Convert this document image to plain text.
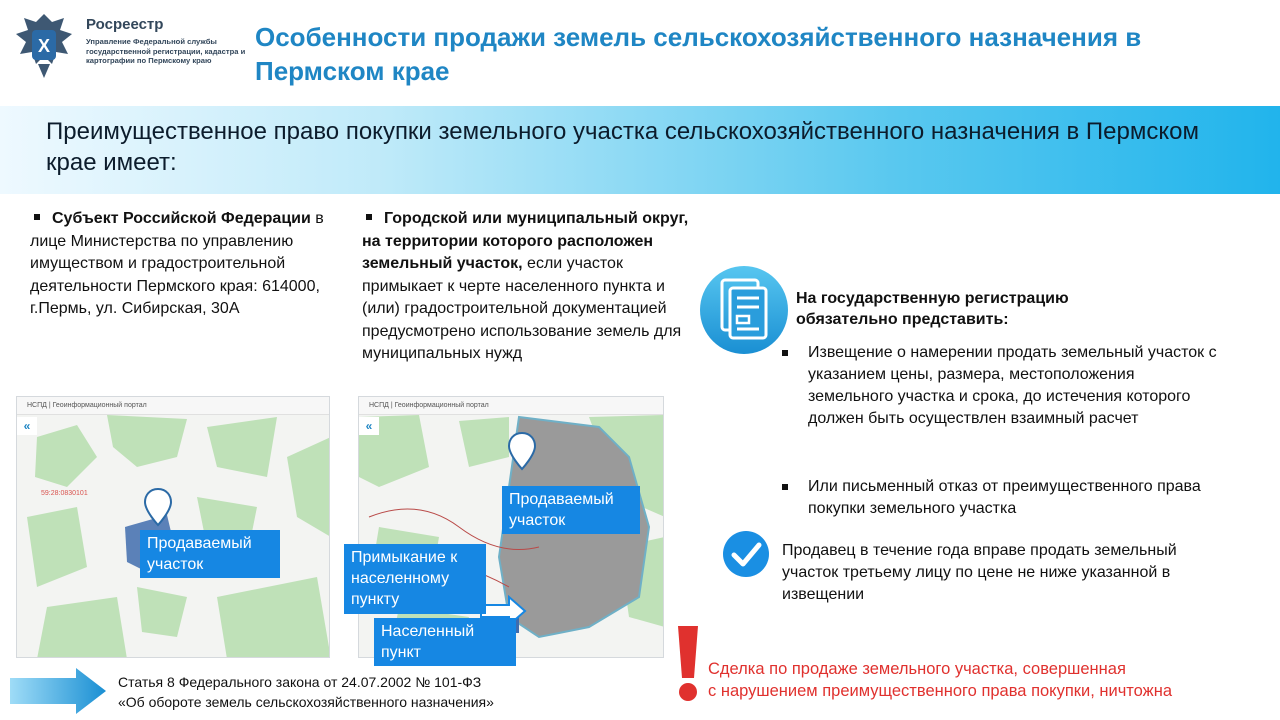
Х
Росреестр
Управление Федеральной службы государственной регистрации, кадастра и картографии по Пермскому краю
Особенности продажи земель сельскохозяйственного назначения в Пермском крае
Преимущественное право покупки земельного участка сельскохозяйственного назначения в Пермском крае имеет:
Субъект Российской Федерации в лице Министерства по управлению имуществом и градостроительной деятельности Пермского края: 614000, г.Пермь, ул. Сибирская, 30А
Городской или муниципальный округ, на территории которого расположен земельный участок, если участок примыкает к черте населенного пункта и (или) градостроительной документацией предусмотрено использование земель для муниципальных нужд
НСПД | Геоинформационный портал
«
59:28:0830101
Продаваемый участок
НСПД | Геоинформационный портал
«
Продаваемый участок
Примыкание к населенному пункту
Населенный пункт
На государственную регистрацию обязательно представить:
Извещение о намерении продать земельный участок с указанием цены, размера, местоположения земельного участка и срока, до истечения которого должен быть осуществлен взаимный расчет
Или письменный отказ от преимущественного права покупки земельного участка
Продавец в течение года вправе продать земельный участок третьему лицу по цене не ниже указанной в извещении
Статья 8 Федерального закона от 24.07.2002 № 101-ФЗ
«Об обороте земель сельскохозяйственного назначения»
Сделка по продаже земельного участка, совершенная
с нарушением преимущественного права покупки, ничтожна
